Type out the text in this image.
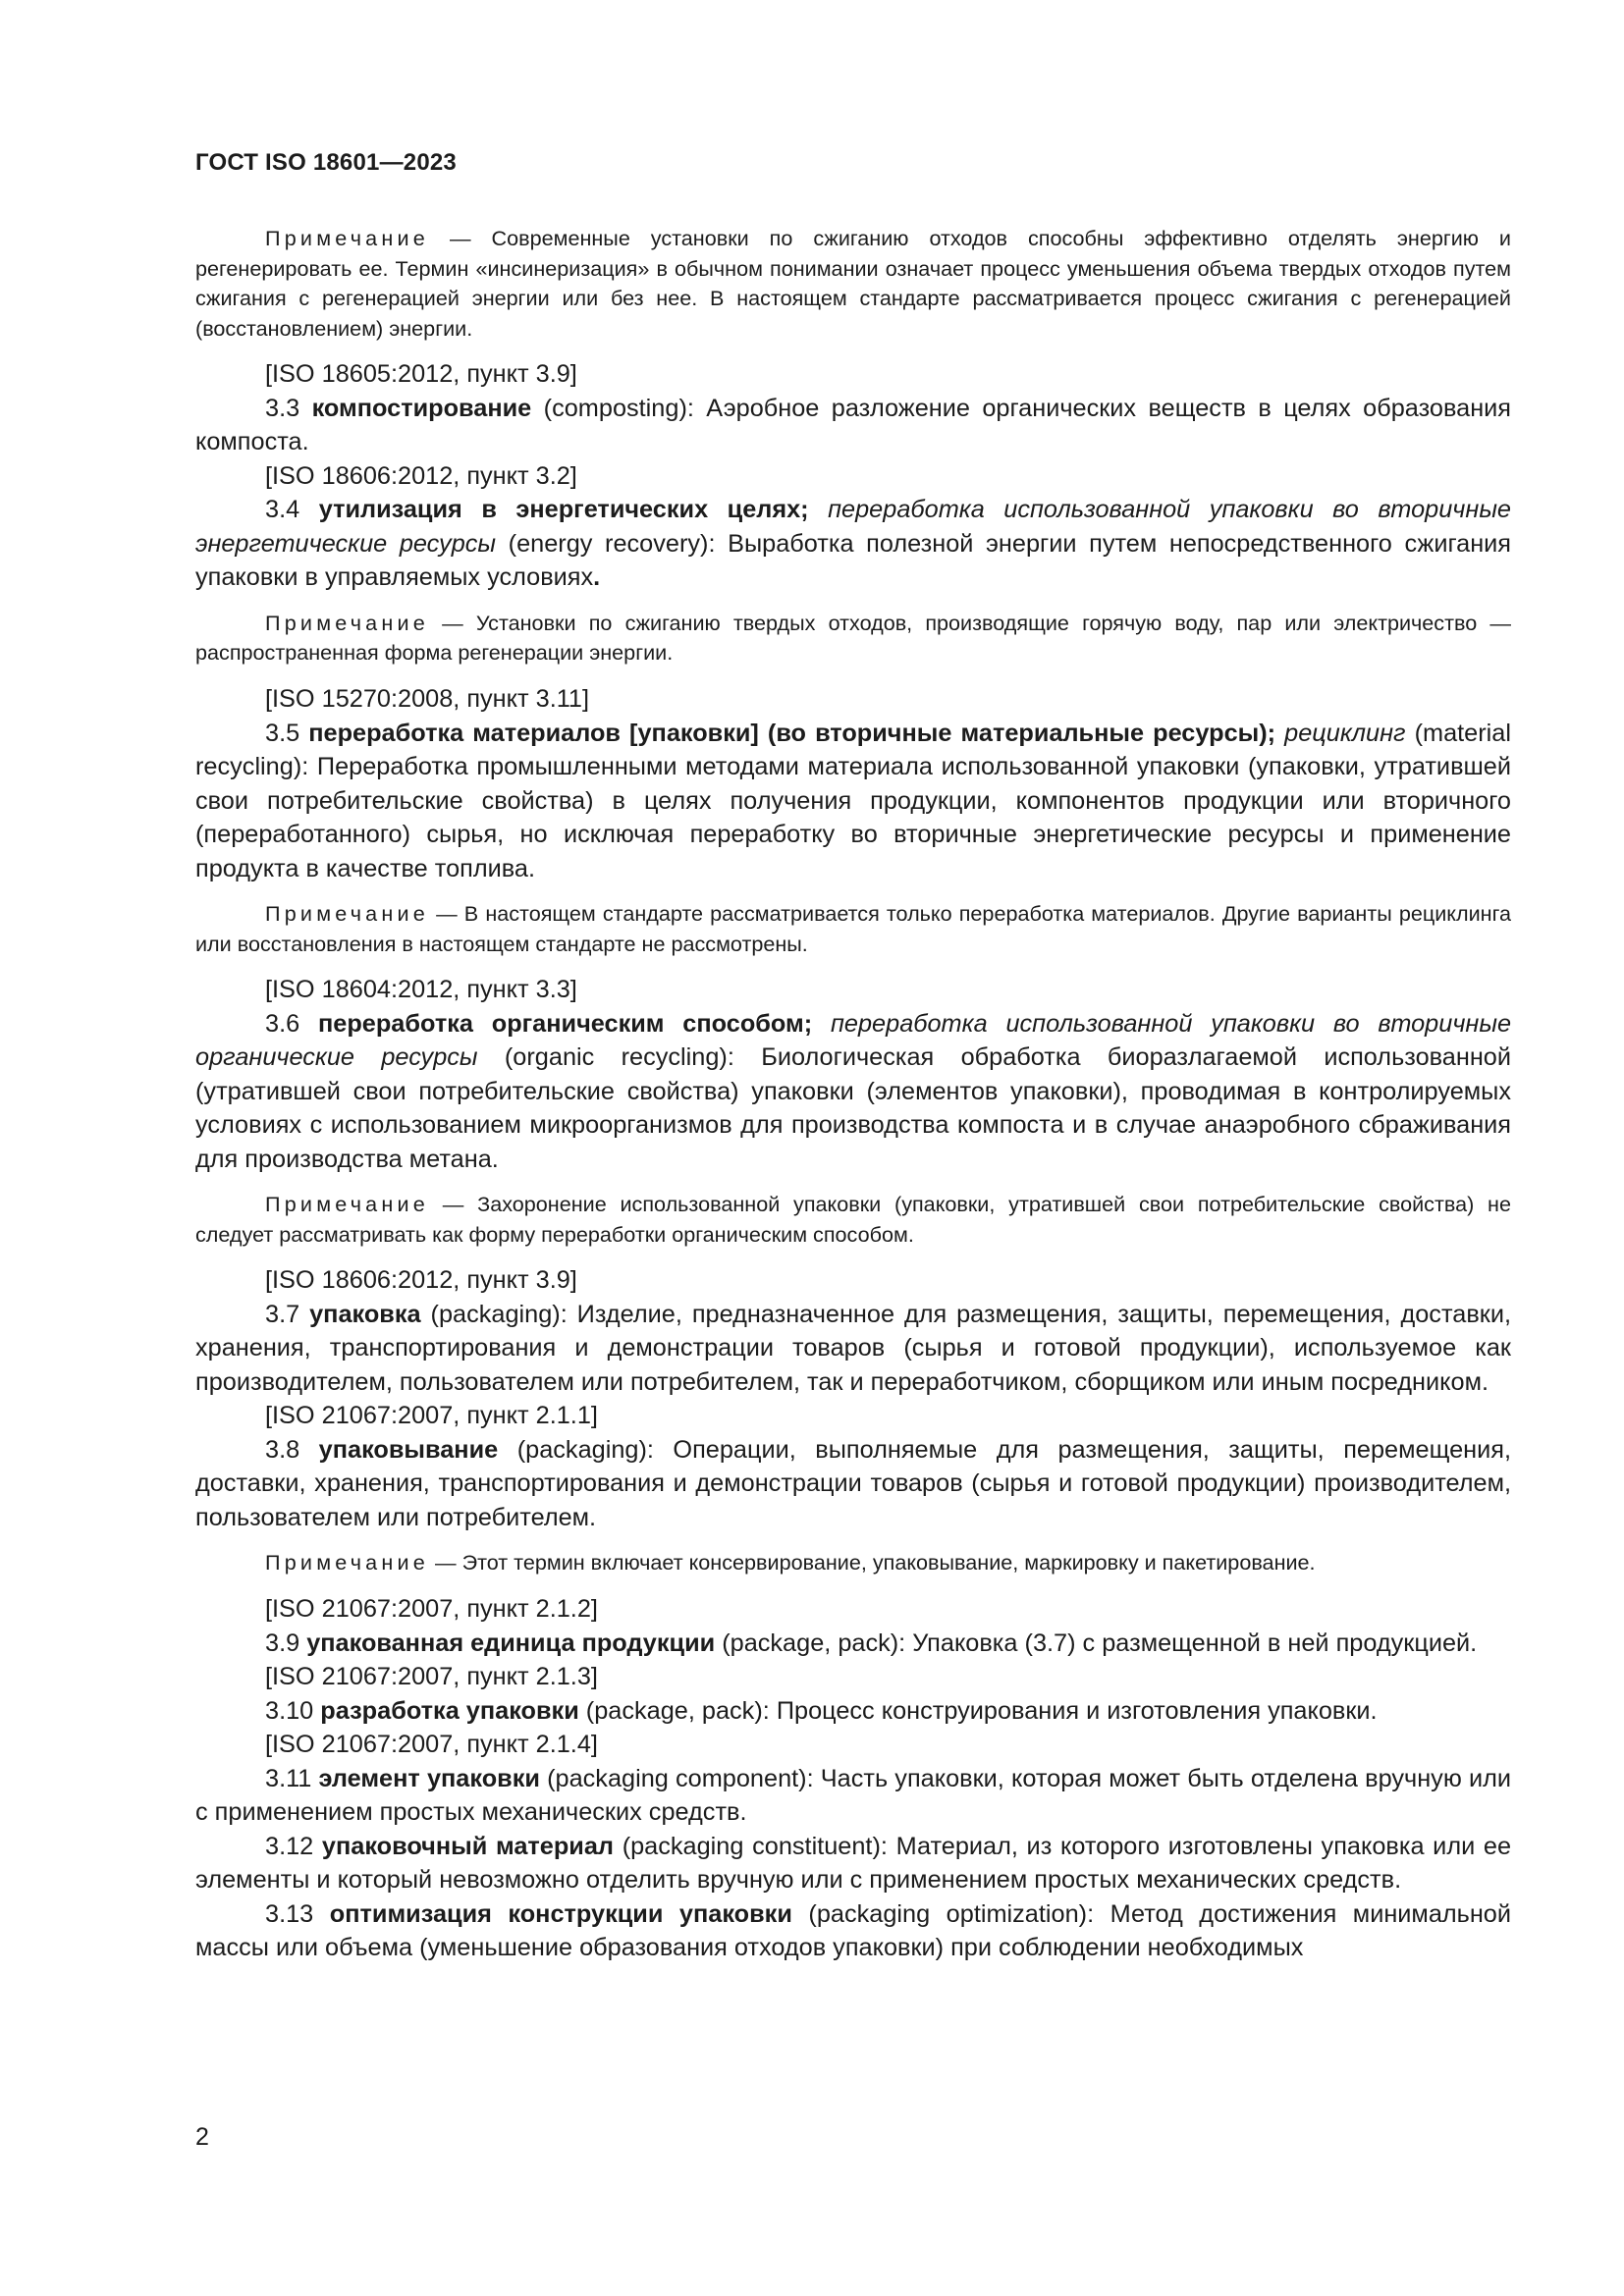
ГОСТ ISO 18601—2023

Примечание — Современные установки по сжиганию отходов способны эффективно отделять энергию и регенерировать ее. Термин «инсинеризация» в обычном понимании означает процесс уменьшения объема твердых отходов путем сжигания с регенерацией энергии или без нее. В настоящем стандарте рассматривается процесс сжигания с регенерацией (восстановлением) энергии.

[ISO 18605:2012, пункт 3.9]

3.3 компостирование (composting): Аэробное разложение органических веществ в целях образования компоста.

[ISO 18606:2012, пункт 3.2]

3.4 утилизация в энергетических целях; переработка использованной упаковки во вторичные энергетические ресурсы (energy recovery): Выработка полезной энергии путем непосредственного сжигания упаковки в управляемых условиях.

Примечание — Установки по сжиганию твердых отходов, производящие горячую воду, пар или электричество — распространенная форма регенерации энергии.

[ISO 15270:2008, пункт 3.11]

3.5 переработка материалов [упаковки] (во вторичные материальные ресурсы); рециклинг (material recycling): Переработка промышленными методами материала использованной упаковки (упаковки, утратившей свои потребительские свойства) в целях получения продукции, компонентов продукции или вторичного (переработанного) сырья, но исключая переработку во вторичные энергетические ресурсы и применение продукта в качестве топлива.

Примечание — В настоящем стандарте рассматривается только переработка материалов. Другие варианты рециклинга или восстановления в настоящем стандарте не рассмотрены.

[ISO 18604:2012, пункт 3.3]

3.6 переработка органическим способом; переработка использованной упаковки во вторичные органические ресурсы (organic recycling): Биологическая обработка биоразлагаемой использованной (утратившей свои потребительские свойства) упаковки (элементов упаковки), проводимая в контролируемых условиях с использованием микроорганизмов для производства компоста и в случае анаэробного сбраживания для производства метана.

Примечание — Захоронение использованной упаковки (упаковки, утратившей свои потребительские свойства) не следует рассматривать как форму переработки органическим способом.

[ISO 18606:2012, пункт 3.9]

3.7 упаковка (packaging): Изделие, предназначенное для размещения, защиты, перемещения, доставки, хранения, транспортирования и демонстрации товаров (сырья и готовой продукции), используемое как производителем, пользователем или потребителем, так и переработчиком, сборщиком или иным посредником.

[ISO 21067:2007, пункт 2.1.1]

3.8 упаковывание (packaging): Операции, выполняемые для размещения, защиты, перемещения, доставки, хранения, транспортирования и демонстрации товаров (сырья и готовой продукции) производителем, пользователем или потребителем.

Примечание — Этот термин включает консервирование, упаковывание, маркировку и пакетирование.

[ISO 21067:2007, пункт 2.1.2]

3.9 упакованная единица продукции (package, pack): Упаковка (3.7) с размещенной в ней продукцией.

[ISO 21067:2007, пункт 2.1.3]

3.10 разработка упаковки (package, pack): Процесс конструирования и изготовления упаковки.

[ISO 21067:2007, пункт 2.1.4]

3.11 элемент упаковки (packaging component): Часть упаковки, которая может быть отделена вручную или с применением простых механических средств.

3.12 упаковочный материал (packaging constituent): Материал, из которого изготовлены упаковка или ее элементы и который невозможно отделить вручную или с применением простых механических средств.

3.13 оптимизация конструкции упаковки (packaging optimization): Метод достижения минимальной массы или объема (уменьшение образования отходов упаковки) при соблюдении необходимых

2
